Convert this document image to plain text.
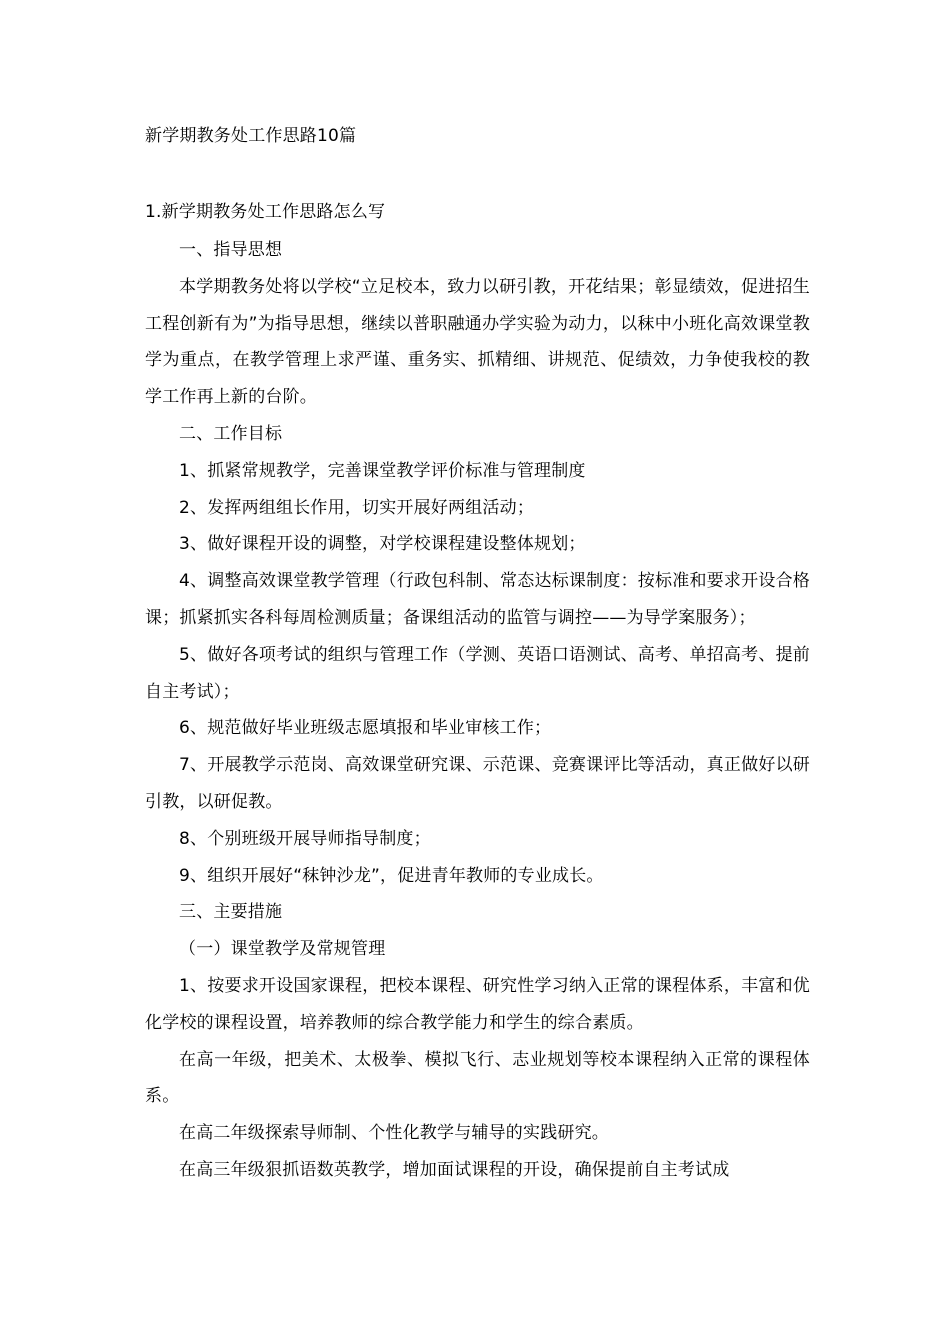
新学期教务处工作思路10篇
1.新学期教务处工作思路怎么写

一、指导思想

本学期教务处将以学校“立足校本，致力以研引教，开花结果；彰显绩效，促进招生工程创新有为”为指导思想，继续以普职融通办学实验为动力，以秣中小班化高效课堂教学为重点，在教学管理上求严谨、重务实、抓精细、讲规范、促绩效，力争使我校的教学工作再上新的台阶。

二、工作目标

1、抓紧常规教学，完善课堂教学评价标准与管理制度

2、发挥两组组长作用，切实开展好两组活动；

3、做好课程开设的调整，对学校课程建设整体规划；

4、调整高效课堂教学管理（行政包科制、常态达标课制度：按标准和要求开设合格课；抓紧抓实各科每周检测质量；备课组活动的监管与调控——为导学案服务）；

5、做好各项考试的组织与管理工作（学测、英语口语测试、高考、单招高考、提前自主考试）；

6、规范做好毕业班级志愿填报和毕业审核工作；

7、开展教学示范岗、高效课堂研究课、示范课、竞赛课评比等活动，真正做好以研引教，以研促教。

8、个别班级开展导师指导制度；

9、组织开展好“秣钟沙龙”，促进青年教师的专业成长。

三、主要措施

（一）课堂教学及常规管理

1、按要求开设国家课程，把校本课程、研究性学习纳入正常的课程体系，丰富和优化学校的课程设置，培养教师的综合教学能力和学生的综合素质。

在高一年级，把美术、太极拳、模拟飞行、志业规划等校本课程纳入正常的课程体系。

在高二年级探索导师制、个性化教学与辅导的实践研究。

在高三年级狠抓语数英教学，增加面试课程的开设，确保提前自主考试成
